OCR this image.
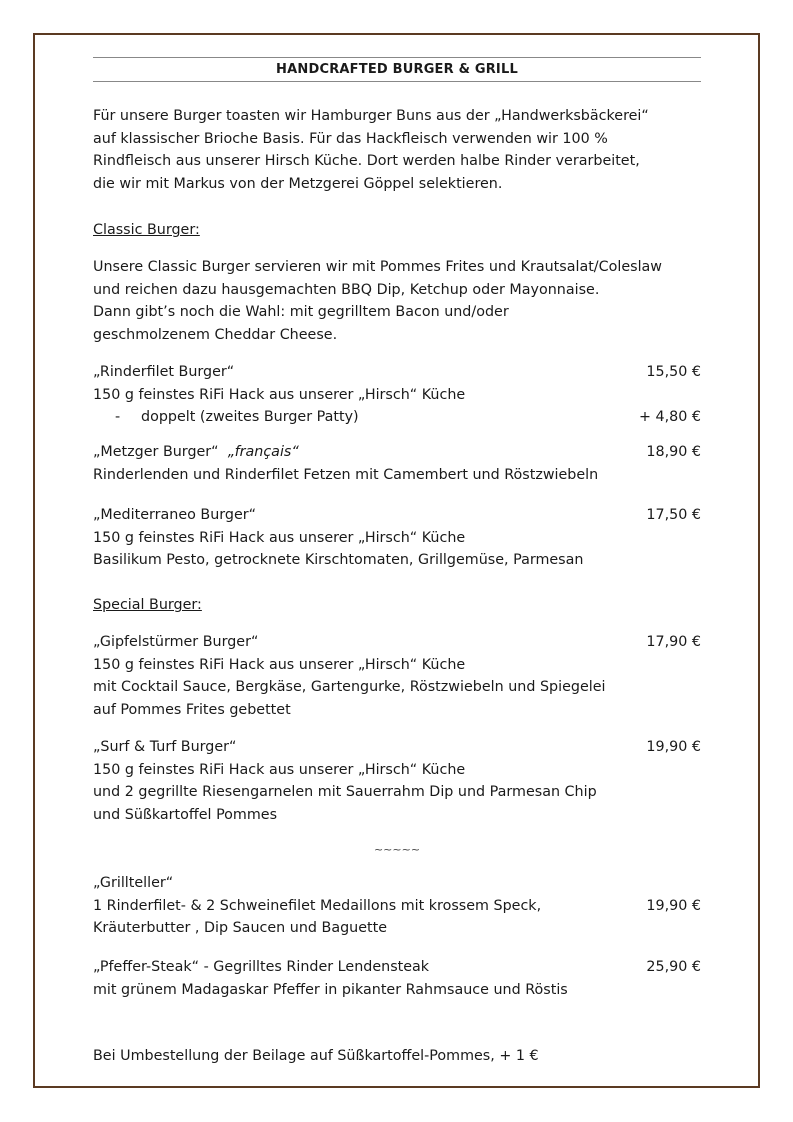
HANDCRAFTED BURGER & GRILL
Für unsere Burger toasten wir Hamburger Buns aus der „Handwerksbäckerei“
auf klassischer Brioche Basis. Für das Hackfleisch verwenden wir 100 %
Rindfleisch aus unserer Hirsch Küche. Dort werden halbe Rinder verarbeitet,
die wir mit Markus von der Metzgerei Göppel selektieren.
Classic Burger:
Unsere Classic Burger servieren wir mit Pommes Frites und Krautsalat/Coleslaw
und reichen dazu hausgemachten BBQ Dip, Ketchup oder Mayonnaise.
Dann gibt’s noch die Wahl: mit gegrilltem Bacon und/oder
geschmolzenem Cheddar Cheese.
„Rinderfilet Burger“	15,50 €
150 g feinstes RiFi Hack aus unserer „Hirsch“ Küche
- doppelt (zweites Burger Patty)	+ 4,80 €
„Metzger Burger“ „français“	18,90 €
Rinderlenden und Rinderfilet Fetzen mit Camembert und Röstzwiebeln
„Mediterraneo Burger“	17,50 €
150 g feinstes RiFi Hack aus unserer „Hirsch“ Küche
Basilikum Pesto, getrocknete Kirschtomaten, Grillgemüse, Parmesan
Special Burger:
„Gipfelstürmer Burger“	17,90 €
150 g feinstes RiFi Hack aus unserer „Hirsch“ Küche
mit Cocktail Sauce, Bergkäse, Gartengurke, Röstzwiebeln und Spiegelei
auf Pommes Frites gebettet
„Surf & Turf Burger“	19,90 €
150 g feinstes RiFi Hack aus unserer „Hirsch“ Küche
und 2 gegrillte Riesengarnelen mit Sauerrahm Dip und Parmesan Chip
und Süßkartoffel Pommes
~~~~~
„Grillteller“
1 Rinderfilet- & 2 Schweinefilet Medaillons mit krossem Speck,	19,90 €
Kräuterbutter , Dip Saucen und Baguette
„Pfeffer-Steak“ - Gegrilltes Rinder Lendensteak	25,90 €
mit grünem Madagaskar Pfeffer in pikanter Rahmsauce und Röstis
Bei Umbestellung der Beilage auf Süßkartoffel-Pommes, + 1 €
